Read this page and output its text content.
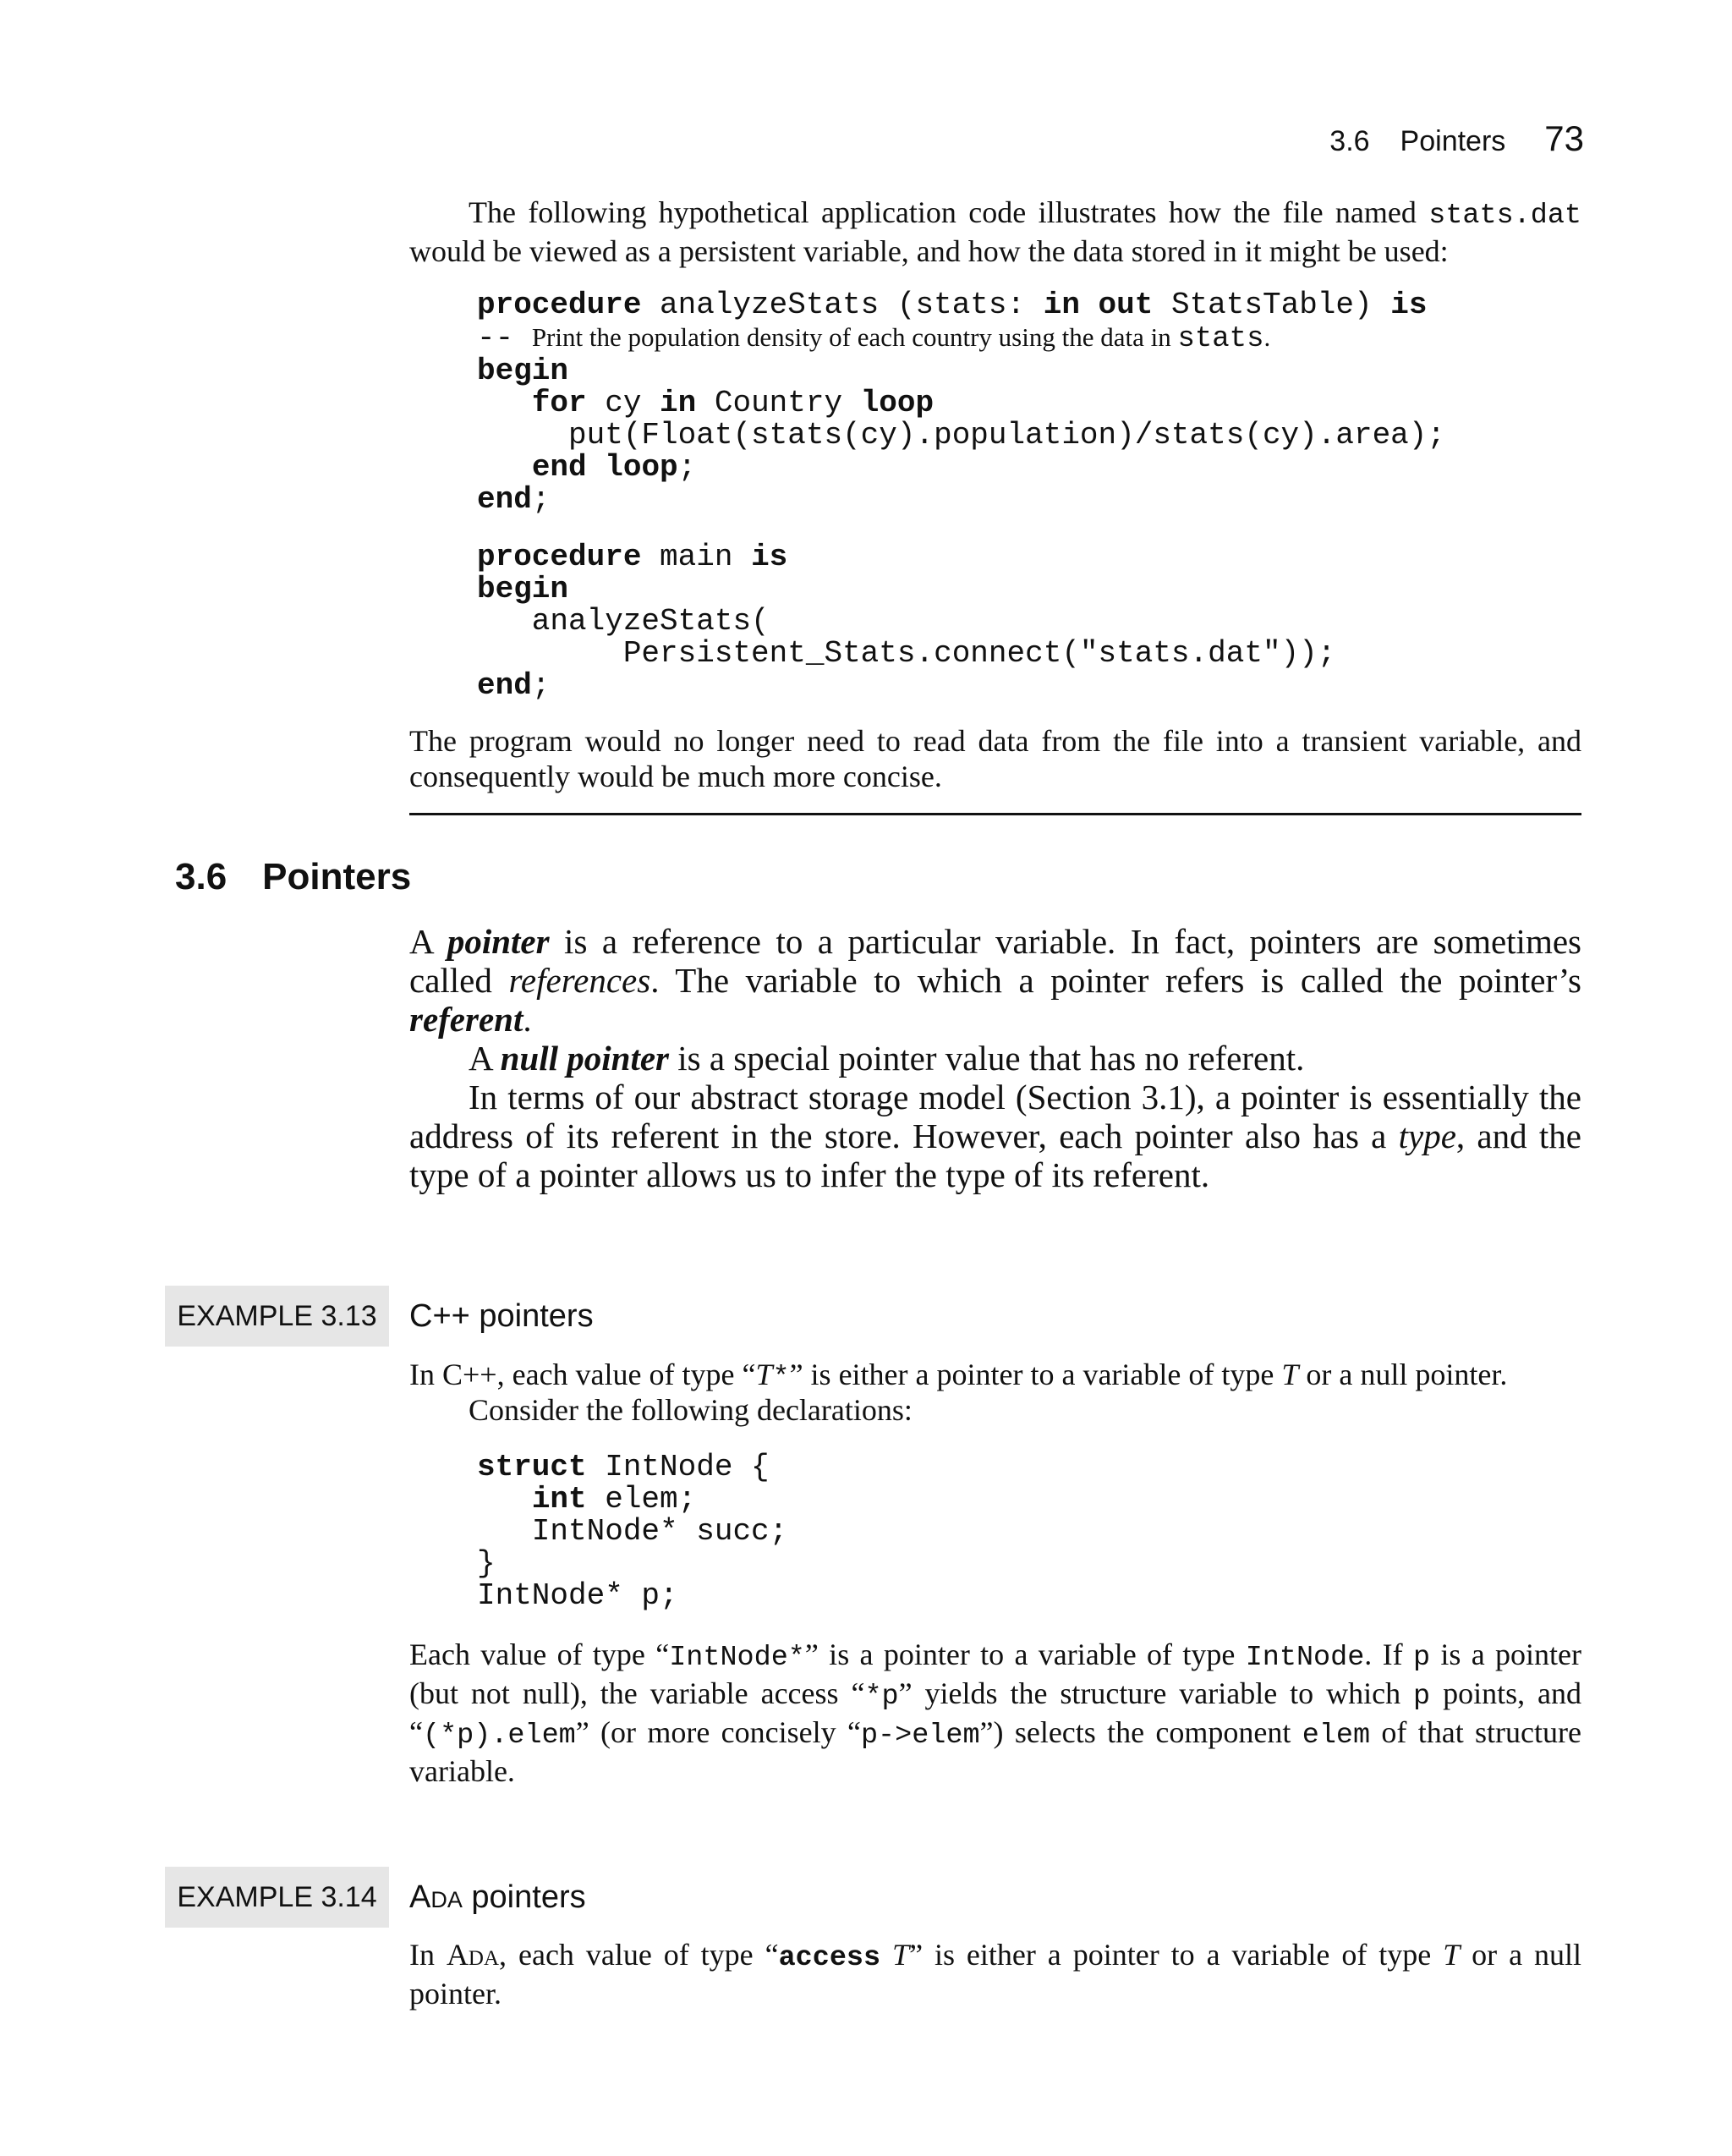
3.6 Pointers 73
The following hypothetical application code illustrates how the file named stats.dat would be viewed as a persistent variable, and how the data stored in it might be used:
procedure analyzeStats (stats: in out StatsTable) is
-- Print the population density of each country using the data in stats.
begin
for cy in Country loop
put(Float(stats(cy).population)/stats(cy).area);
end loop;
end;
procedure main is
begin
analyzeStats(
Persistent_Stats.connect("stats.dat"));
end;
The program would no longer need to read data from the file into a transient variable, and consequently would be much more concise.
3.6 Pointers
A pointer is a reference to a particular variable. In fact, pointers are sometimes called references. The variable to which a pointer refers is called the pointer’s referent.
A null pointer is a special pointer value that has no referent.
In terms of our abstract storage model (Section 3.1), a pointer is essentially the address of its referent in the store. However, each pointer also has a type, and the type of a pointer allows us to infer the type of its referent.
EXAMPLE 3.13	C++ pointers
In C++, each value of type “T*” is either a pointer to a variable of type T or a null pointer.
Consider the following declarations:
struct IntNode {
int elem;
IntNode* succ;
}
IntNode* p;
Each value of type “IntNode*” is a pointer to a variable of type IntNode. If p is a pointer (but not null), the variable access “*p” yields the structure variable to which p points, and “(*p).elem” (or more concisely “p->elem”) selects the component elem of that structure variable.
EXAMPLE 3.14	Ada pointers
In Ada, each value of type “access T” is either a pointer to a variable of type T or a null pointer.
